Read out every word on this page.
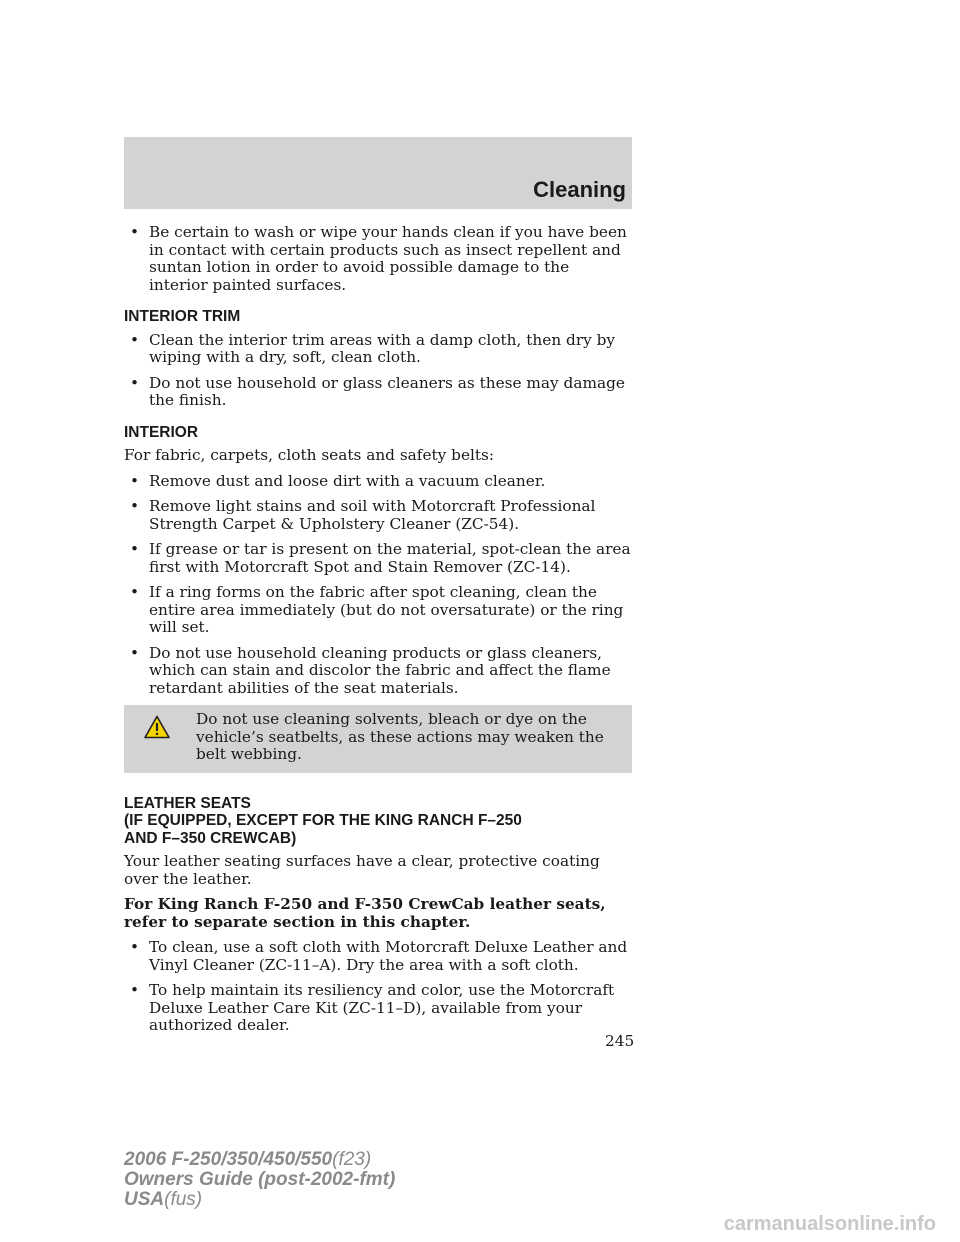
Cleaning
• Be certain to wash or wipe your hands clean if you have been in contact with certain products such as insect repellent and suntan lotion in order to avoid possible damage to the interior painted surfaces.
INTERIOR TRIM
• Clean the interior trim areas with a damp cloth, then dry by wiping with a dry, soft, clean cloth.
• Do not use household or glass cleaners as these may damage the finish.
INTERIOR
For fabric, carpets, cloth seats and safety belts:
• Remove dust and loose dirt with a vacuum cleaner.
• Remove light stains and soil with Motorcraft Professional Strength Carpet & Upholstery Cleaner (ZC-54).
• If grease or tar is present on the material, spot-clean the area first with Motorcraft Spot and Stain Remover (ZC-14).
• If a ring forms on the fabric after spot cleaning, clean the entire area immediately (but do not oversaturate) or the ring will set.
• Do not use household cleaning products or glass cleaners, which can stain and discolor the fabric and affect the flame retardant abilities of the seat materials.
Do not use cleaning solvents, bleach or dye on the vehicle’s seatbelts, as these actions may weaken the belt webbing.
LEATHER SEATS
(IF EQUIPPED, EXCEPT FOR THE KING RANCH F–250
AND F–350 CREWCAB)
Your leather seating surfaces have a clear, protective coating over the leather.
For King Ranch F-250 and F-350 CrewCab leather seats, refer to separate section in this chapter.
• To clean, use a soft cloth with Motorcraft Deluxe Leather and Vinyl Cleaner (ZC-11–A). Dry the area with a soft cloth.
• To help maintain its resiliency and color, use the Motorcraft Deluxe Leather Care Kit (ZC-11–D), available from your authorized dealer.
245
2006 F-250/350/450/550(f23)
Owners Guide (post-2002-fmt)
USA(fus)
carmanualsonline.info
